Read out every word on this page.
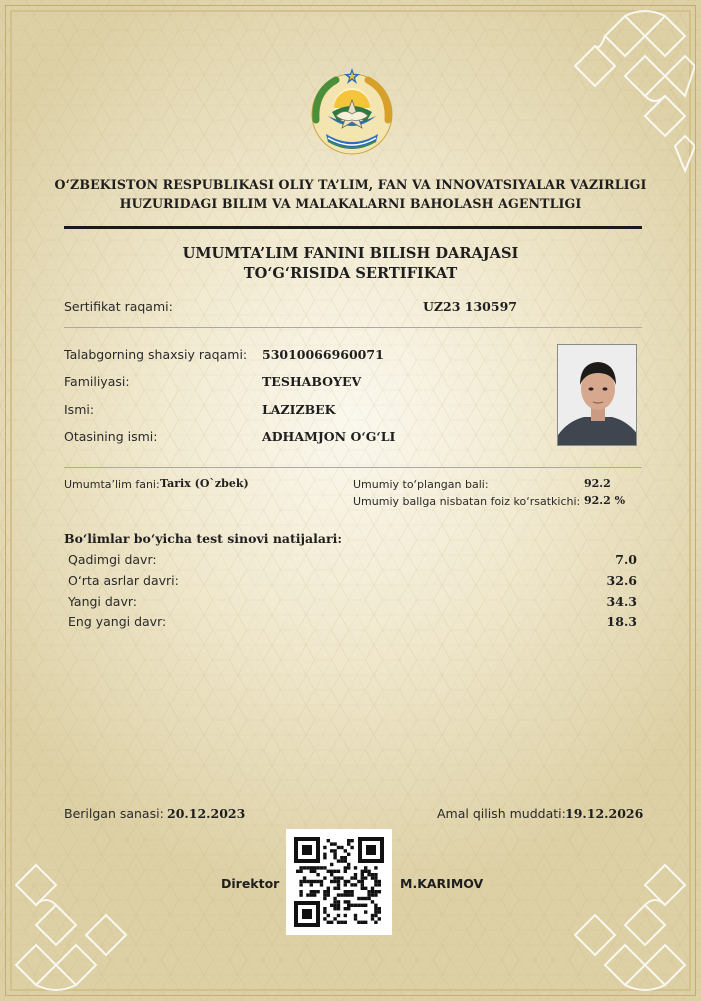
O‘ZBEKISTON RESPUBLIKASI OLIY TA’LIM, FAN VA INNOVATSIYALAR VAZIRLIGI
HUZURIDAGI BILIM VA MALAKALARNI BAHOLASH AGENTLIGI
UMUMTA’LIM FANINI BILISH DARAJASI
TO‘G‘RISIDA SERTIFIKAT
Sertifikat raqami:	UZ23 130597
Talabgorning shaxsiy raqami: 53010066960071
Familiyasi:	TESHABOYEV
Ismi:	LAZIZBEK
Otasining ismi:	ADHAMJON O‘G‘LI
Umumta’lim fani: Tarix (O`zbek)	Umumiy to‘plangan bali:	92.2
Umumiy ballga nisbatan foiz ko‘rsatkichi: 92.2 %
Bo‘limlar bo‘yicha test sinovi natijalari:
Qadimgi davr:	7.0
O‘rta asrlar davri:	32.6
Yangi davr:	34.3
Eng yangi davr:	18.3
Berilgan sanasi: 20.12.2023	Amal qilish muddati: 19.12.2026
Direktor	M.KARIMOV
